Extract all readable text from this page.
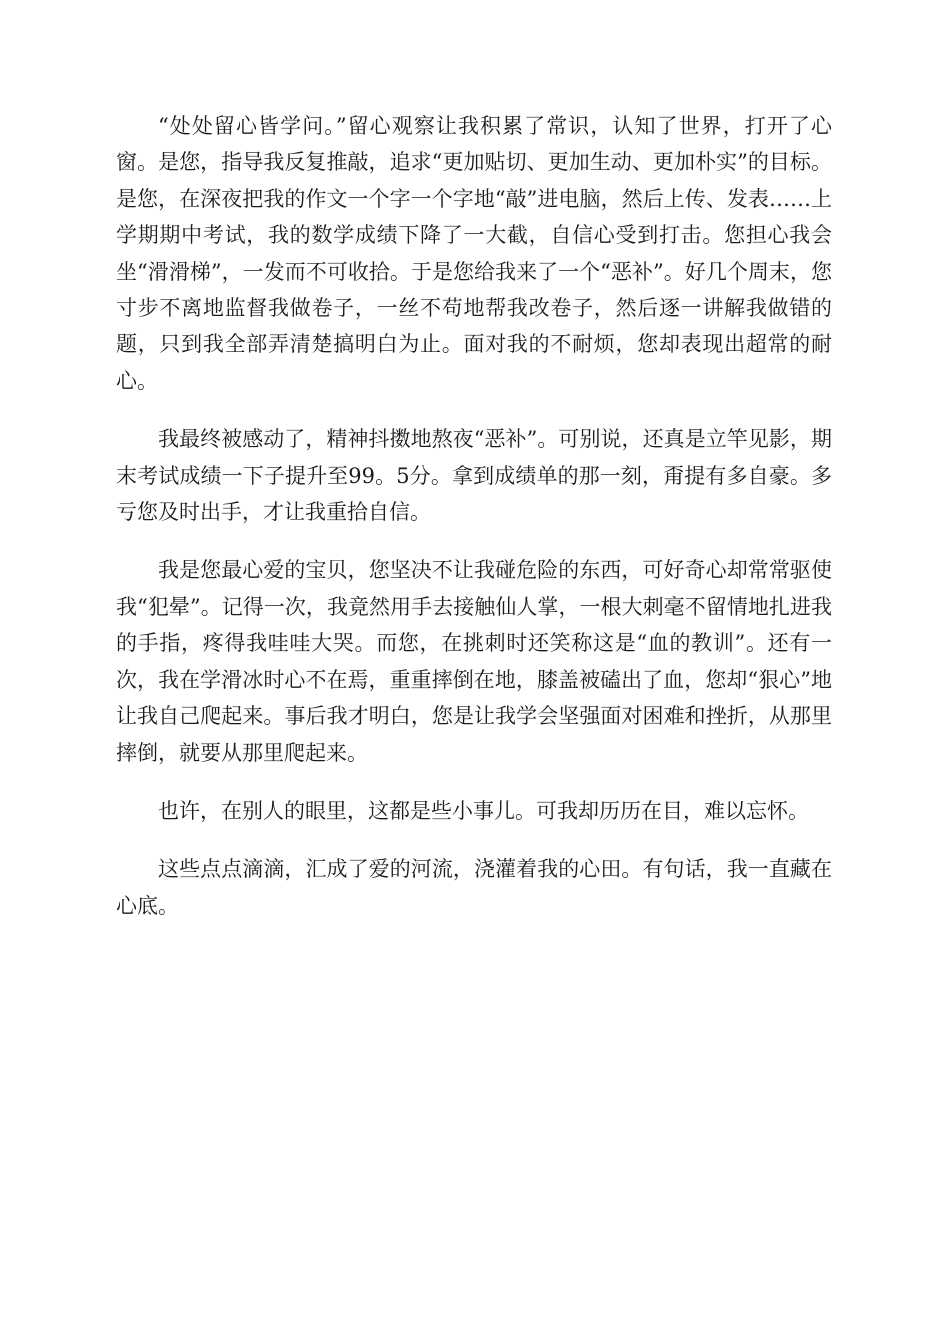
“处处留心皆学问。”留心观察让我积累了常识，认知了世界，打开了心窗。是您，指导我反复推敲，追求“更加贴切、更加生动、更加朴实”的目标。是您，在深夜把我的作文一个字一个字地“敲”进电脑，然后上传、发表……上学期期中考试，我的数学成绩下降了一大截，自信心受到打击。您担心我会坐“滑滑梯”，一发而不可收拾。于是您给我来了一个“恶补”。好几个周末，您寸步不离地监督我做卷子，一丝不苟地帮我改卷子，然后逐一讲解我做错的题，只到我全部弄清楚搞明白为止。面对我的不耐烦，您却表现出超常的耐心。

我最终被感动了，精神抖擞地熬夜“恶补”。可别说，还真是立竿见影，期末考试成绩一下子提升至99。5分。拿到成绩单的那一刻，甭提有多自豪。多亏您及时出手，才让我重拾自信。

我是您最心爱的宝贝，您坚决不让我碰危险的东西，可好奇心却常常驱使我“犯晕”。记得一次，我竟然用手去接触仙人掌，一根大刺毫不留情地扎进我的手指，疼得我哇哇大哭。而您，在挑刺时还笑称这是“血的教训”。还有一次，我在学滑冰时心不在焉，重重摔倒在地，膝盖被磕出了血，您却“狠心”地让我自己爬起来。事后我才明白，您是让我学会坚强面对困难和挫折，从那里摔倒，就要从那里爬起来。

也许，在别人的眼里，这都是些小事儿。可我却历历在目，难以忘怀。

这些点点滴滴，汇成了爱的河流，浇灌着我的心田。有句话，我一直藏在心底。
